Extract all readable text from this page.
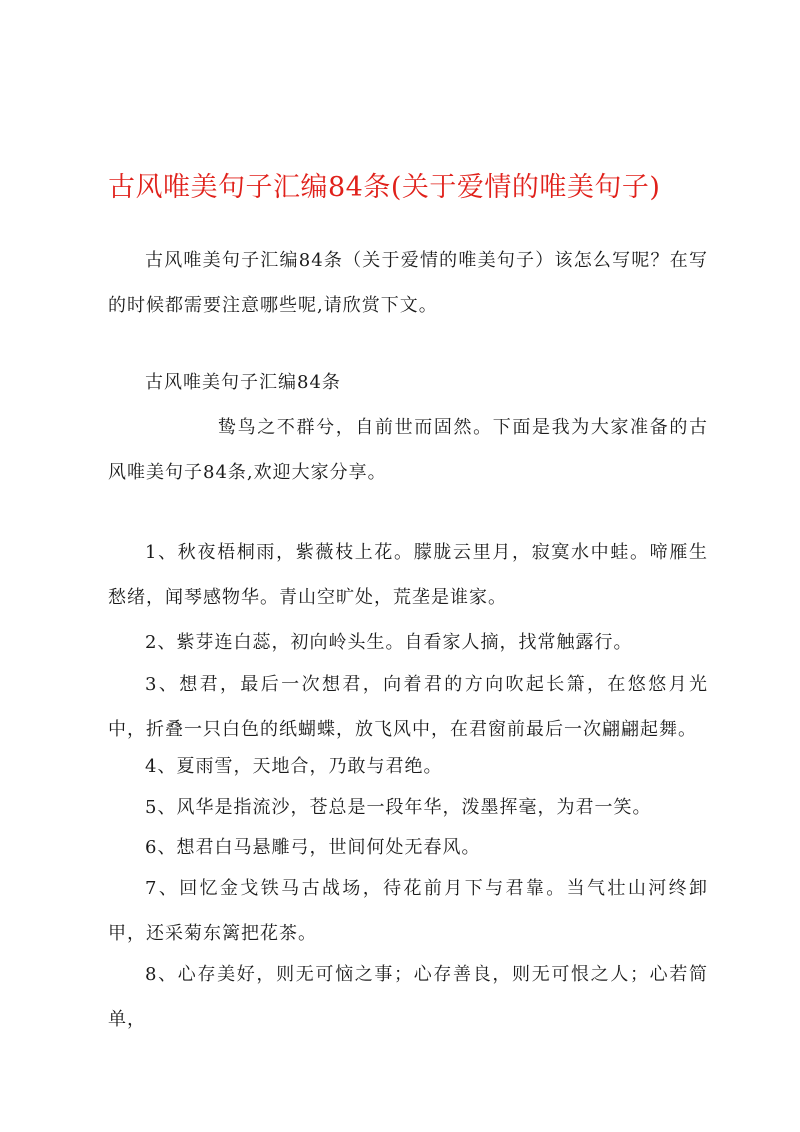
古风唯美句子汇编84条(关于爱情的唯美句子)
古风唯美句子汇编84条（关于爱情的唯美句子）该怎么写呢？在写的时候都需要注意哪些呢,请欣赏下文。
古风唯美句子汇编84条
鸷鸟之不群兮，自前世而固然。下面是我为大家准备的古风唯美句子84条,欢迎大家分享。
1、秋夜梧桐雨，紫薇枝上花。朦胧云里月，寂寞水中蛙。啼雁生愁绪，闻琴感物华。青山空旷处，荒垄是谁家。
2、紫芽连白蕊，初向岭头生。自看家人摘，找常触露行。
3、想君，最后一次想君，向着君的方向吹起长箫，在悠悠月光中，折叠一只白色的纸蝴蝶，放飞风中，在君窗前最后一次翩翩起舞。
4、夏雨雪，天地合，乃敢与君绝。
5、风华是指流沙，苍总是一段年华，泼墨挥毫，为君一笑。
6、想君白马悬雕弓，世间何处无春风。
7、回忆金戈铁马古战场，待花前月下与君靠。当气壮山河终卸甲，还采菊东篱把花茶。
8、心存美好，则无可恼之事；心存善良，则无可恨之人；心若简单，
